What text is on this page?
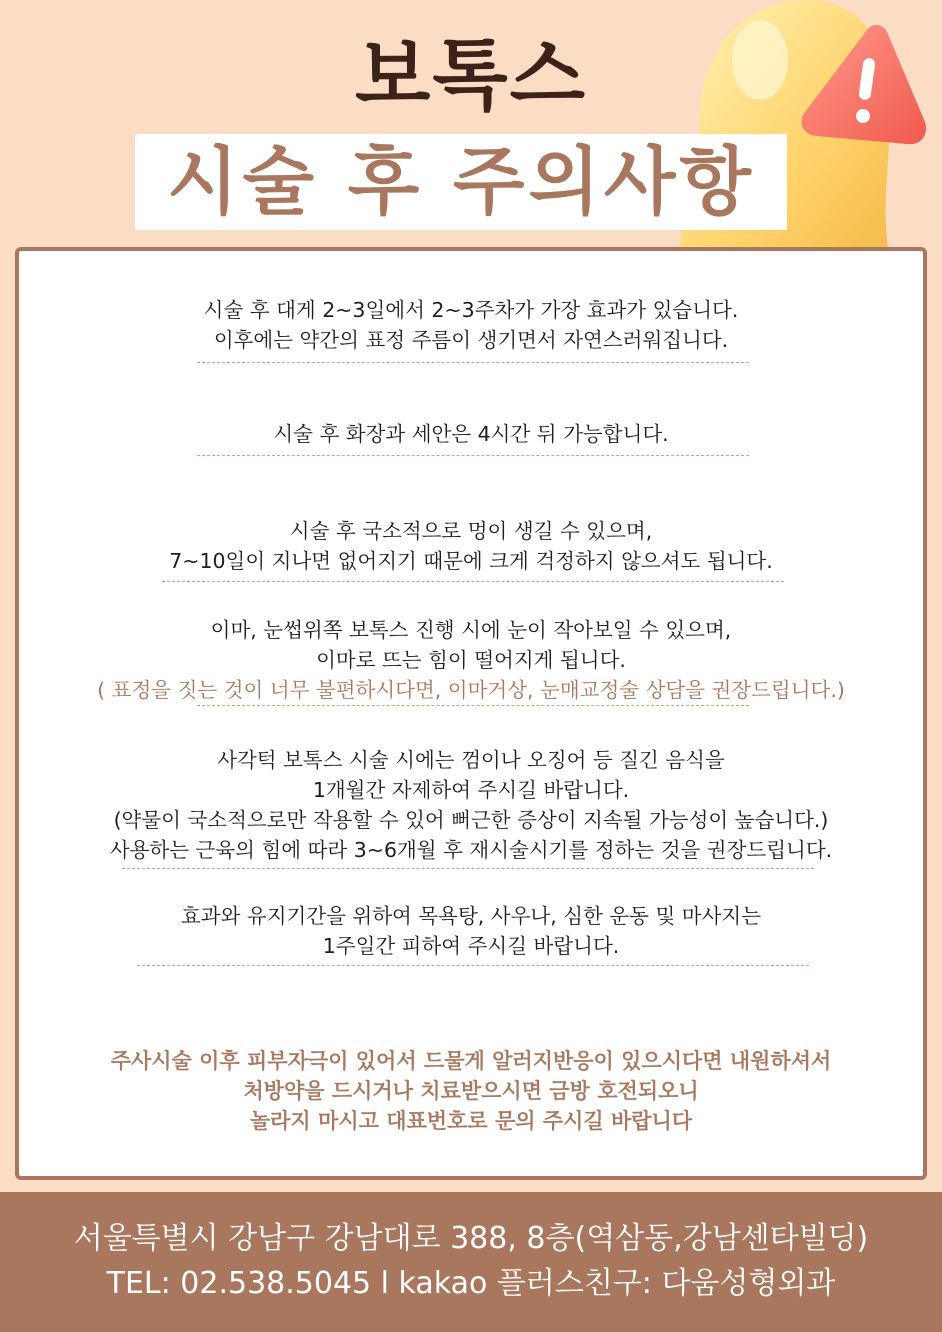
보톡스
시술 후 주의사항
시술 후 대게 2~3일에서 2~3주차가 가장 효과가 있습니다.
이후에는 약간의 표정 주름이 생기면서 자연스러워집니다.
시술 후 화장과 세안은 4시간 뒤 가능합니다.
시술 후 국소적으로 멍이 생길 수 있으며,
7~10일이 지나면 없어지기 때문에 크게 걱정하지 않으셔도 됩니다.
이마, 눈썹위쪽 보톡스 진행 시에 눈이 작아보일 수 있으며,
이마로 뜨는 힘이 떨어지게 됩니다.
( 표정을 짓는 것이 너무 불편하시다면, 이마거상, 눈매교정술 상담을 권장드립니다.)
사각턱 보톡스 시술 시에는 껌이나 오징어 등 질긴 음식을
1개월간 자제하여 주시길 바랍니다.
(약물이 국소적으로만 작용할 수 있어 뻐근한 증상이 지속될 가능성이 높습니다.)
사용하는 근육의 힘에 따라 3~6개월 후 재시술시기를 정하는 것을 권장드립니다.
효과와 유지기간을 위하여 목욕탕, 사우나, 심한 운동 및 마사지는
1주일간 피하여 주시길 바랍니다.
주사시술 이후 피부자극이 있어서 드물게 알러지반응이 있으시다면 내원하셔서
처방약을 드시거나 치료받으시면 금방 호전되오니
놀라지 마시고 대표번호로 문의 주시길 바랍니다
서울특별시 강남구 강남대로 388, 8층(역삼동,강남센타빌딩)
TEL: 02.538.5045 l kakao 플러스친구: 다움성형외과
